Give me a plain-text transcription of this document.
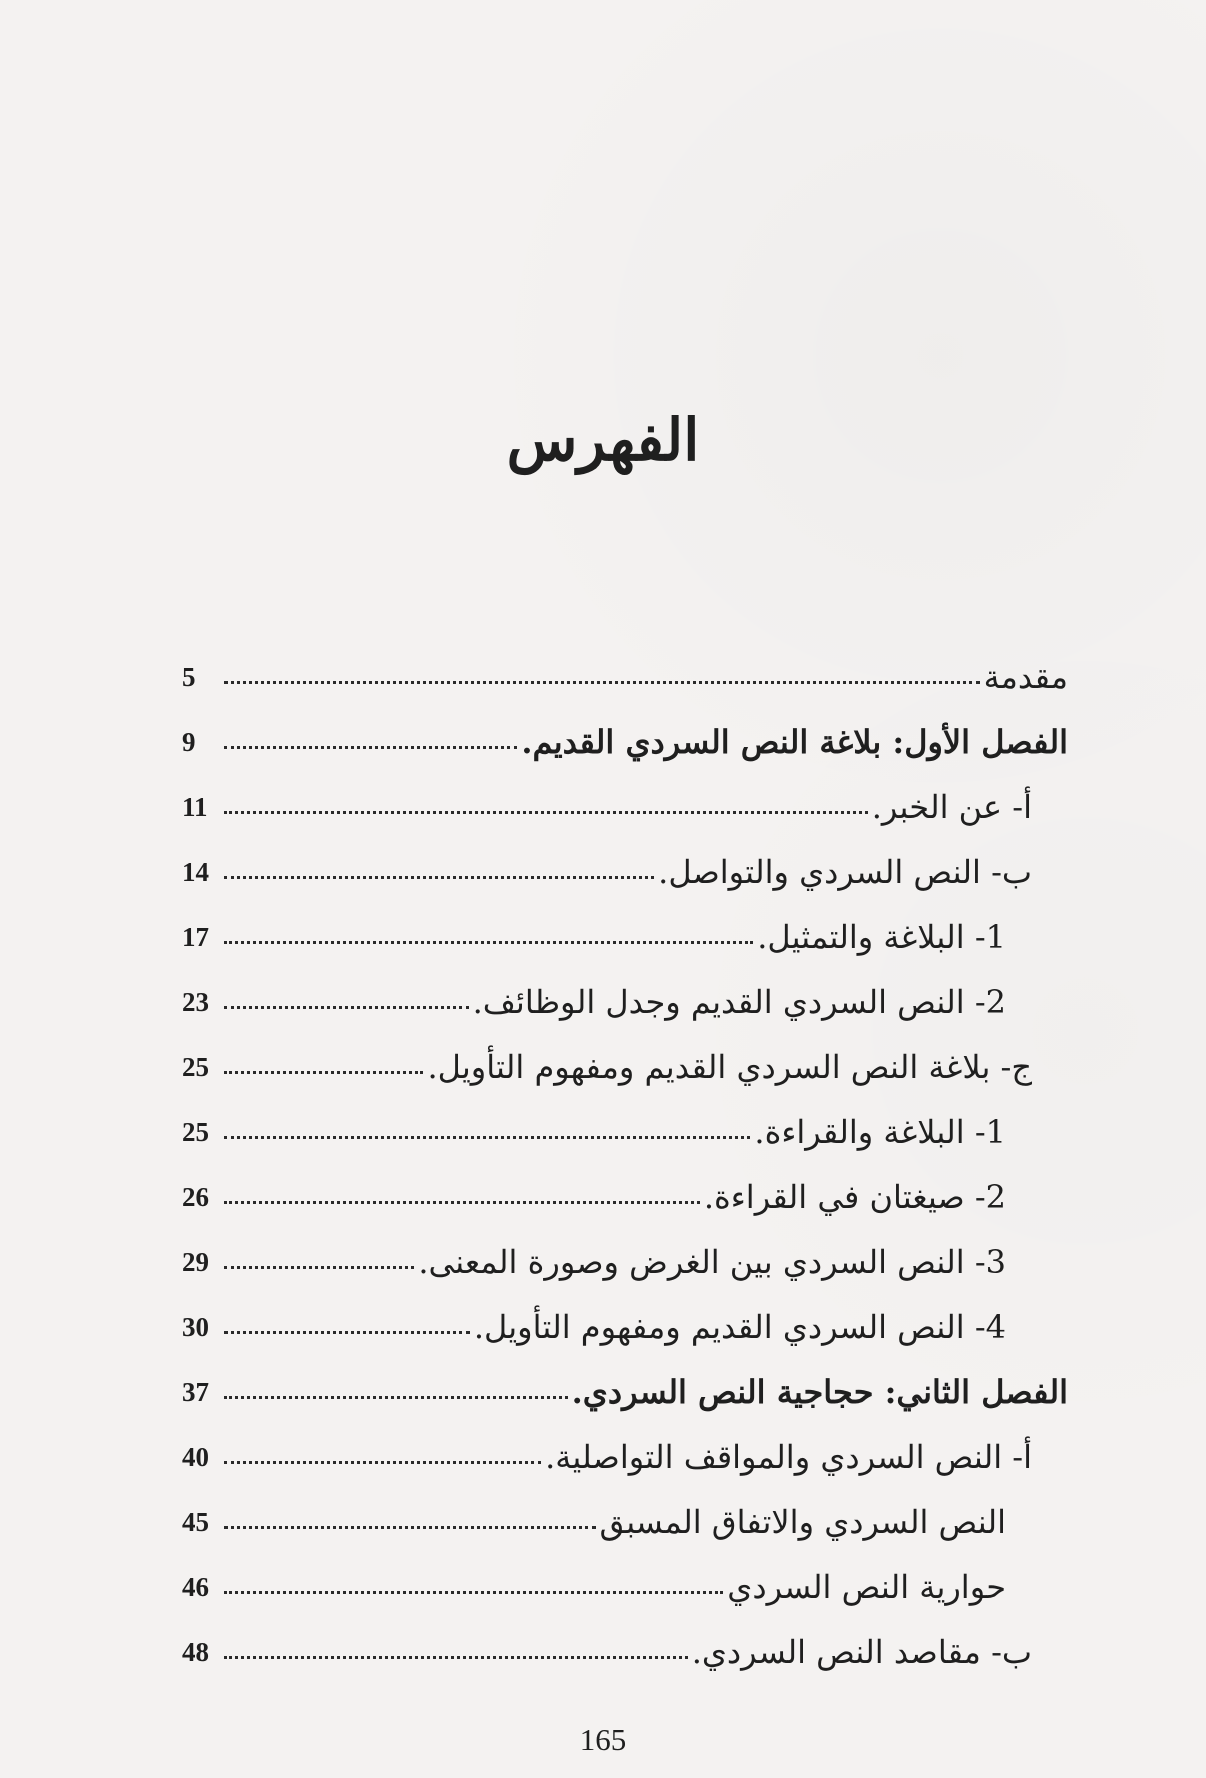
الفهرس
مقدمة
5
الفصل الأول: بلاغة النص السردي القديم.
9
أ- عن الخبر.
11
ب- النص السردي والتواصل.
14
1- البلاغة والتمثيل.
17
2- النص السردي القديم وجدل الوظائف.
23
ج- بلاغة النص السردي القديم ومفهوم التأويل.
25
1- البلاغة والقراءة.
25
2- صيغتان في القراءة.
26
3- النص السردي بين الغرض وصورة المعنى.
29
4- النص السردي القديم ومفهوم التأويل.
30
الفصل الثاني: حجاجية النص السردي.
37
أ- النص السردي والمواقف التواصلية.
40
النص السردي والاتفاق المسبق
45
حوارية النص السردي
46
ب- مقاصد النص السردي.
48
165
